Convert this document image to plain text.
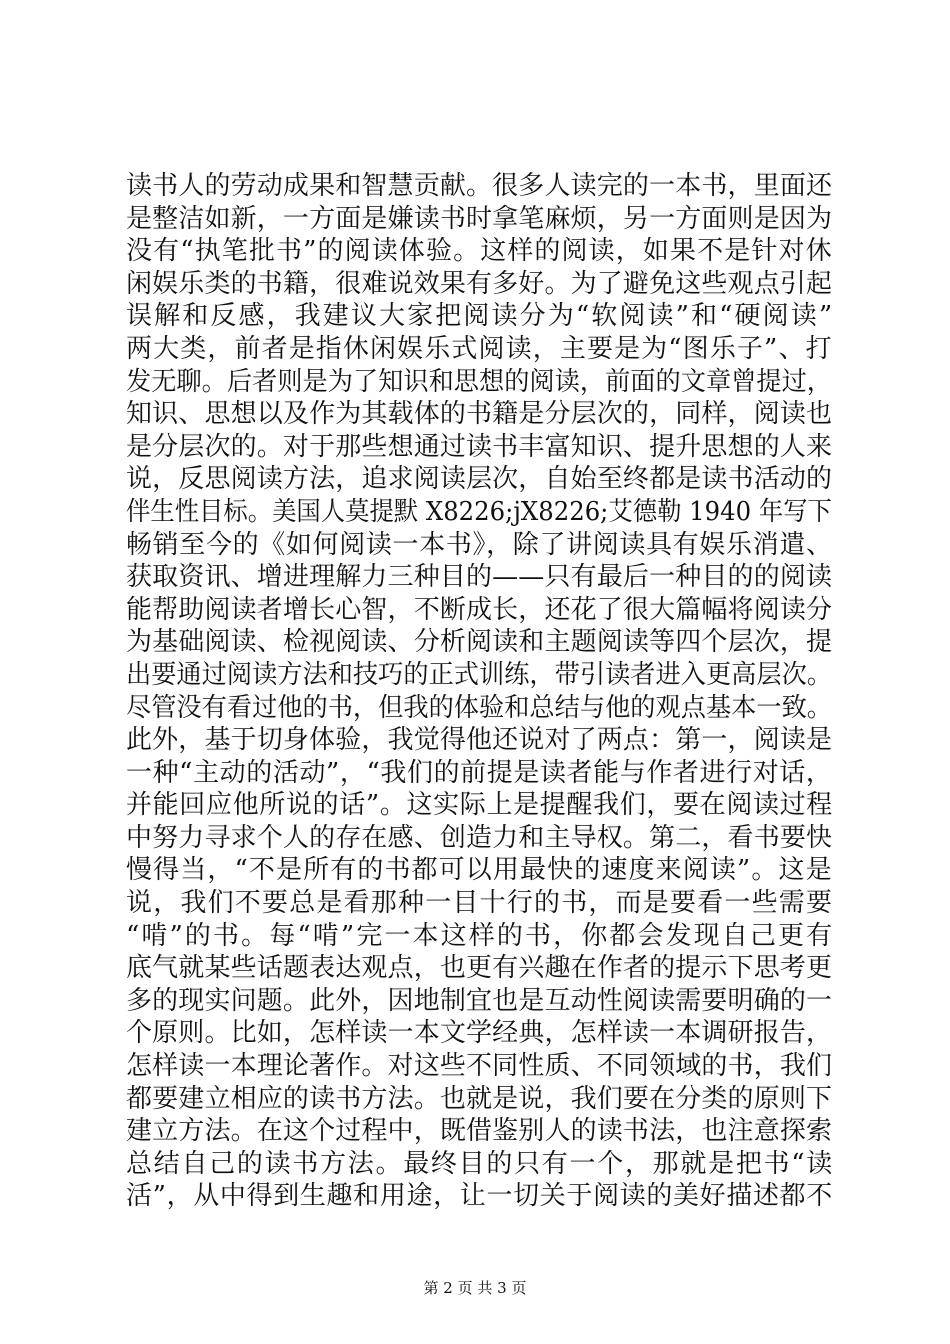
读书人的劳动成果和智慧贡献。很多人读完的一本书，里面还
是整洁如新，一方面是嫌读书时拿笔麻烦，另一方面则是因为
没有“执笔批书”的阅读体验。这样的阅读，如果不是针对休
闲娱乐类的书籍，很难说效果有多好。为了避免这些观点引起
误解和反感，我建议大家把阅读分为“软阅读”和“硬阅读”
两大类，前者是指休闲娱乐式阅读，主要是为“图乐子”、打
发无聊。后者则是为了知识和思想的阅读，前面的文章曾提过，
知识、思想以及作为其载体的书籍是分层次的，同样，阅读也
是分层次的。对于那些想通过读书丰富知识、提升思想的人来
说，反思阅读方法，追求阅读层次，自始至终都是读书活动的
伴生性目标。美国人莫提默 X8226;jX8226;艾德勒 1940 年写下
畅销至今的《如何阅读一本书》，除了讲阅读具有娱乐消遣、
获取资讯、增进理解力三种目的——只有最后一种目的的阅读
能帮助阅读者增长心智，不断成长，还花了很大篇幅将阅读分
为基础阅读、检视阅读、分析阅读和主题阅读等四个层次，提
出要通过阅读方法和技巧的正式训练，带引读者进入更高层次。
尽管没有看过他的书，但我的体验和总结与他的观点基本一致。
此外，基于切身体验，我觉得他还说对了两点：第一，阅读是
一种“主动的活动”，“我们的前提是读者能与作者进行对话，
并能回应他所说的话”。这实际上是提醒我们，要在阅读过程
中努力寻求个人的存在感、创造力和主导权。第二，看书要快
慢得当，“不是所有的书都可以用最快的速度来阅读”。这是
说，我们不要总是看那种一目十行的书，而是要看一些需要
“啃”的书。每“啃”完一本这样的书，你都会发现自己更有
底气就某些话题表达观点，也更有兴趣在作者的提示下思考更
多的现实问题。此外，因地制宜也是互动性阅读需要明确的一
个原则。比如，怎样读一本文学经典，怎样读一本调研报告，
怎样读一本理论著作。对这些不同性质、不同领域的书，我们
都要建立相应的读书方法。也就是说，我们要在分类的原则下
建立方法。在这个过程中，既借鉴别人的读书法，也注意探索
总结自己的读书方法。最终目的只有一个，那就是把书“读
活”，从中得到生趣和用途，让一切关于阅读的美好描述都不
第 2 页 共 3 页
